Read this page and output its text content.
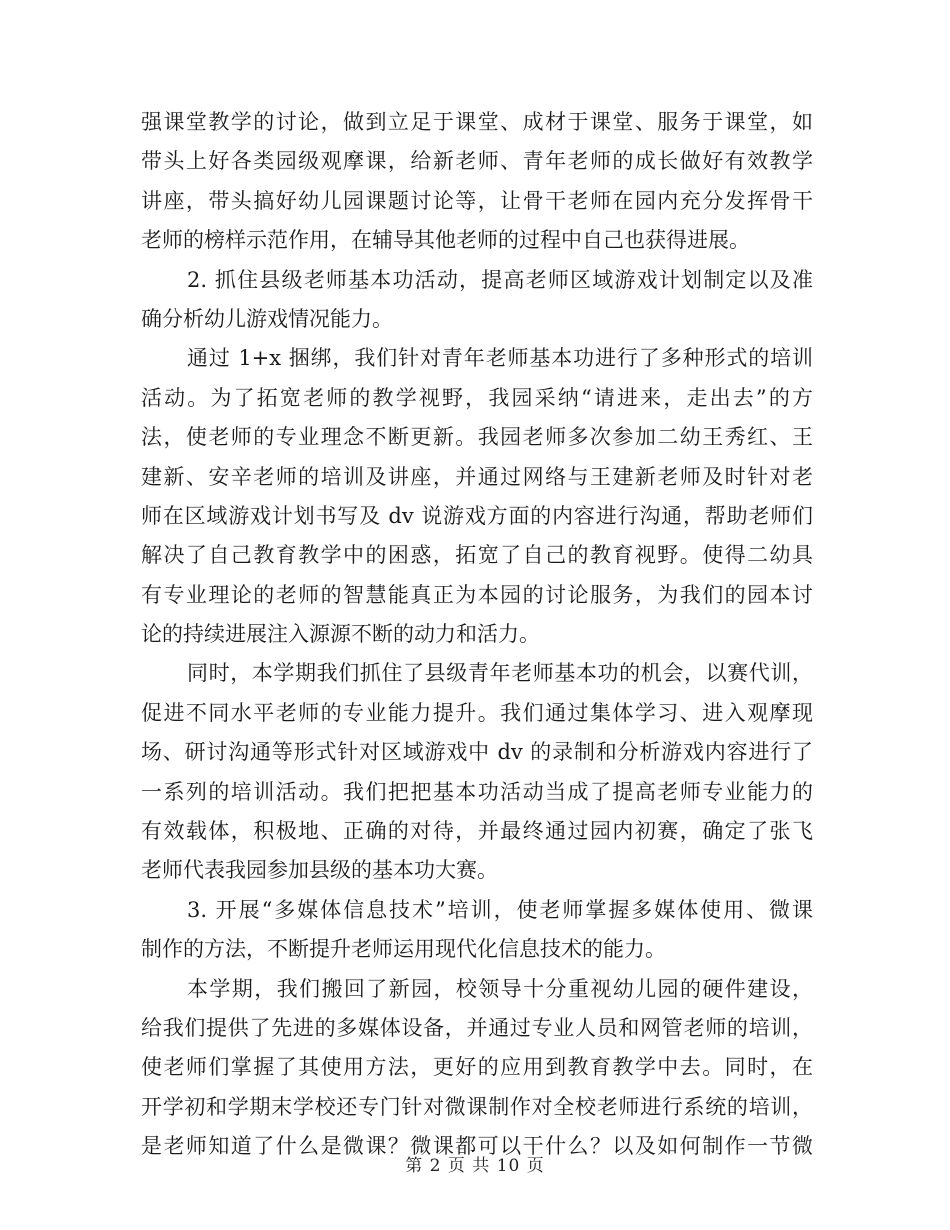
强课堂教学的讨论，做到立足于课堂、成材于课堂、服务于课堂，如
带头上好各类园级观摩课，给新老师、青年老师的成长做好有效教学
讲座，带头搞好幼儿园课题讨论等，让骨干老师在园内充分发挥骨干
老师的榜样示范作用，在辅导其他老师的过程中自己也获得进展。
2. 抓住县级老师基本功活动，提高老师区域游戏计划制定以及准
确分析幼儿游戏情况能力。
通过 1+x 捆绑，我们针对青年老师基本功进行了多种形式的培训
活动。为了拓宽老师的教学视野，我园采纳“请进来，走出去”的方
法，使老师的专业理念不断更新。我园老师多次参加二幼王秀红、王
建新、安辛老师的培训及讲座，并通过网络与王建新老师及时针对老
师在区域游戏计划书写及 dv 说游戏方面的内容进行沟通，帮助老师们
解决了自己教育教学中的困惑，拓宽了自己的教育视野。使得二幼具
有专业理论的老师的智慧能真正为本园的讨论服务，为我们的园本讨
论的持续进展注入源源不断的动力和活力。
同时，本学期我们抓住了县级青年老师基本功的机会，以赛代训，
促进不同水平老师的专业能力提升。我们通过集体学习、进入观摩现
场、研讨沟通等形式针对区域游戏中 dv 的录制和分析游戏内容进行了
一系列的培训活动。我们把把基本功活动当成了提高老师专业能力的
有效载体，积极地、正确的对待，并最终通过园内初赛，确定了张飞
老师代表我园参加县级的基本功大赛。
3. 开展“多媒体信息技术”培训，使老师掌握多媒体使用、微课
制作的方法，不断提升老师运用现代化信息技术的能力。
本学期，我们搬回了新园，校领导十分重视幼儿园的硬件建设，
给我们提供了先进的多媒体设备，并通过专业人员和网管老师的培训，
使老师们掌握了其使用方法，更好的应用到教育教学中去。同时，在
开学初和学期末学校还专门针对微课制作对全校老师进行系统的培训，
是老师知道了什么是微课？微课都可以干什么？以及如何制作一节微
第 2 页 共 10 页
